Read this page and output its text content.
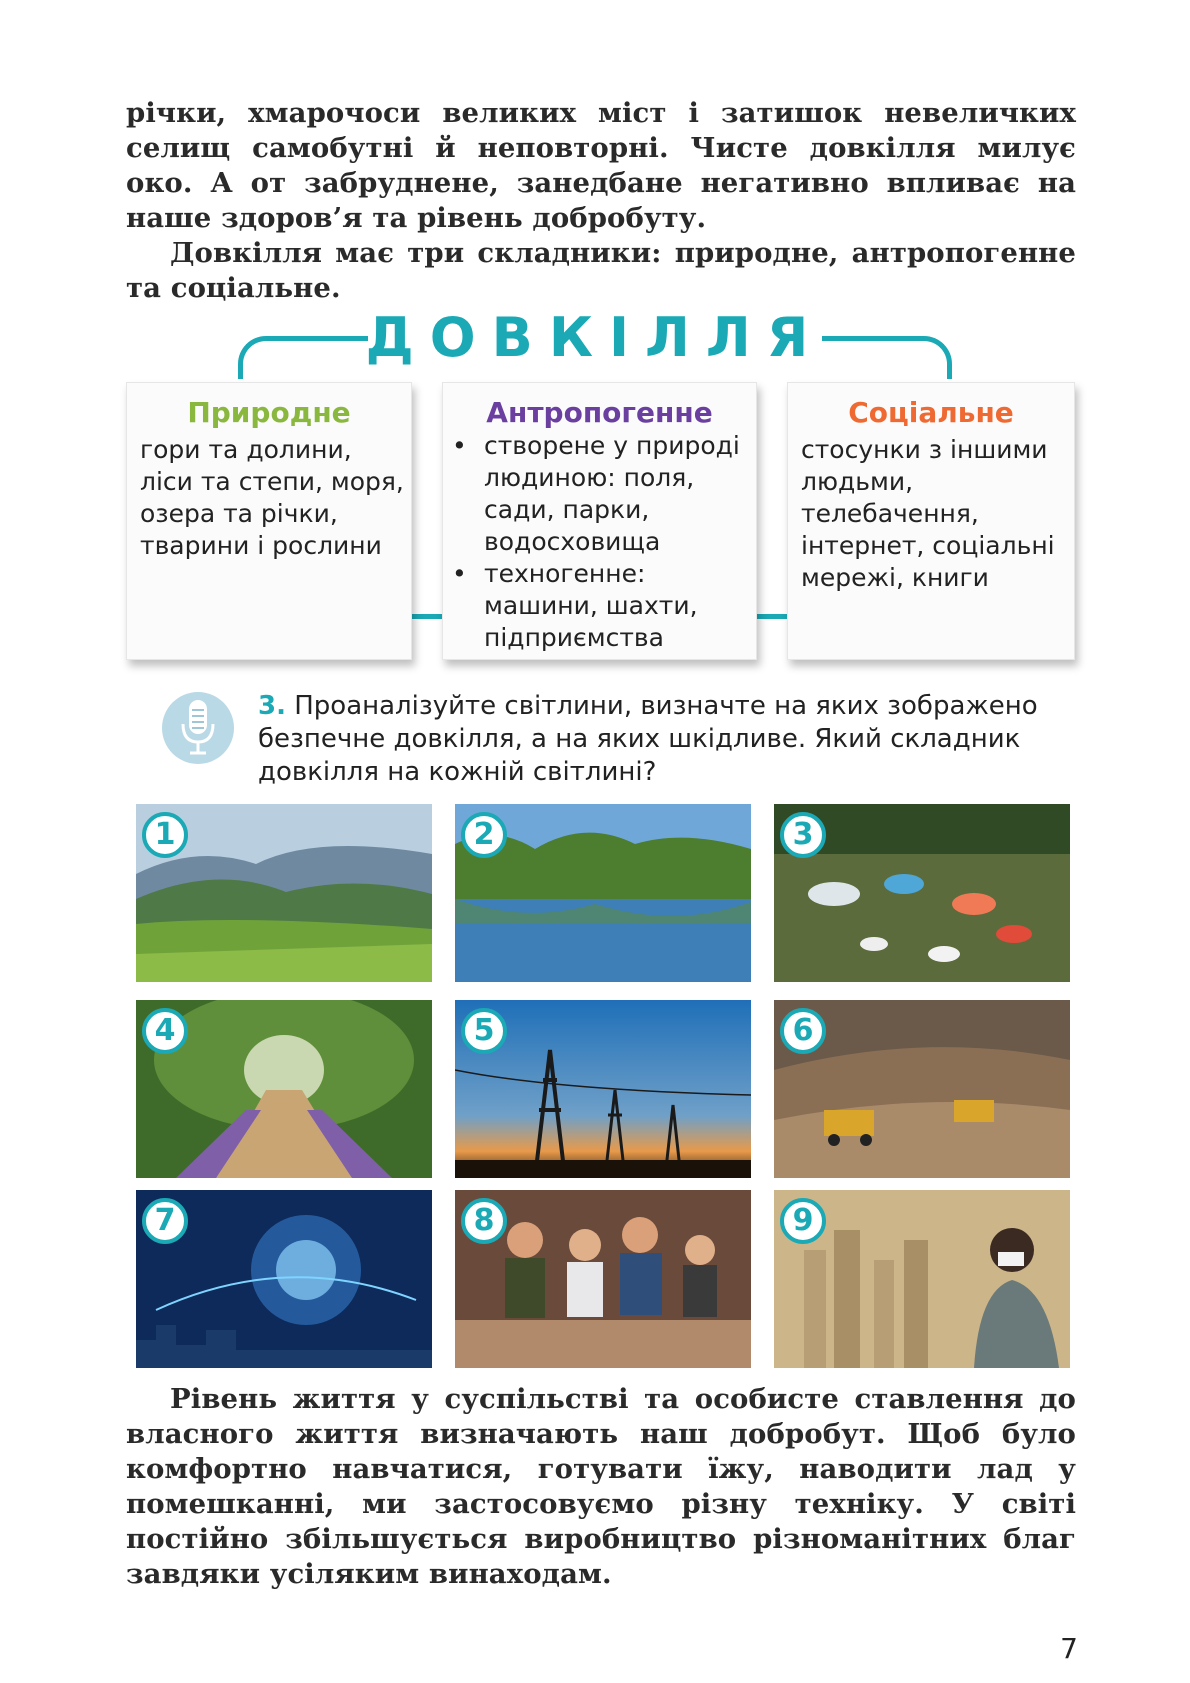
річки, хмарочоси великих міст і затишок невеличких селищ самобутні й неповторні. Чисте довкілля милує око. А от забруднене, занедбане негативно впливає на наше здоров’я та рівень добробуту.

Довкілля має три складники: природне, антропогенне та соціальне.

ДОВКІЛЛЯ
Природне
гори та долини, ліси та степи, моря, озера та річки, тварини і рослини
Антропогенне
• створене у природі людиною: поля, сади, парки, водосховища
• техногенне: машини, шахти, підприємства
Соціальне
стосунки з іншими людьми, телебачення, інтернет, соціальні мережі, книги

3. Проаналізуйте світлини, визначте на яких зображено безпечне довкілля, а на яких шкідливе. Який складник довкілля на кожній світлині?

1	2	3
4	5	6
7	8	9

Рівень життя у суспільстві та особисте ставлення до власного життя визначають наш добробут. Щоб було комфортно навчатися, готувати їжу, наводити лад у помешканні, ми застосовуємо різну техніку. У світі постійно збільшується виробництво різноманітних благ завдяки усіляким винаходам.

7
